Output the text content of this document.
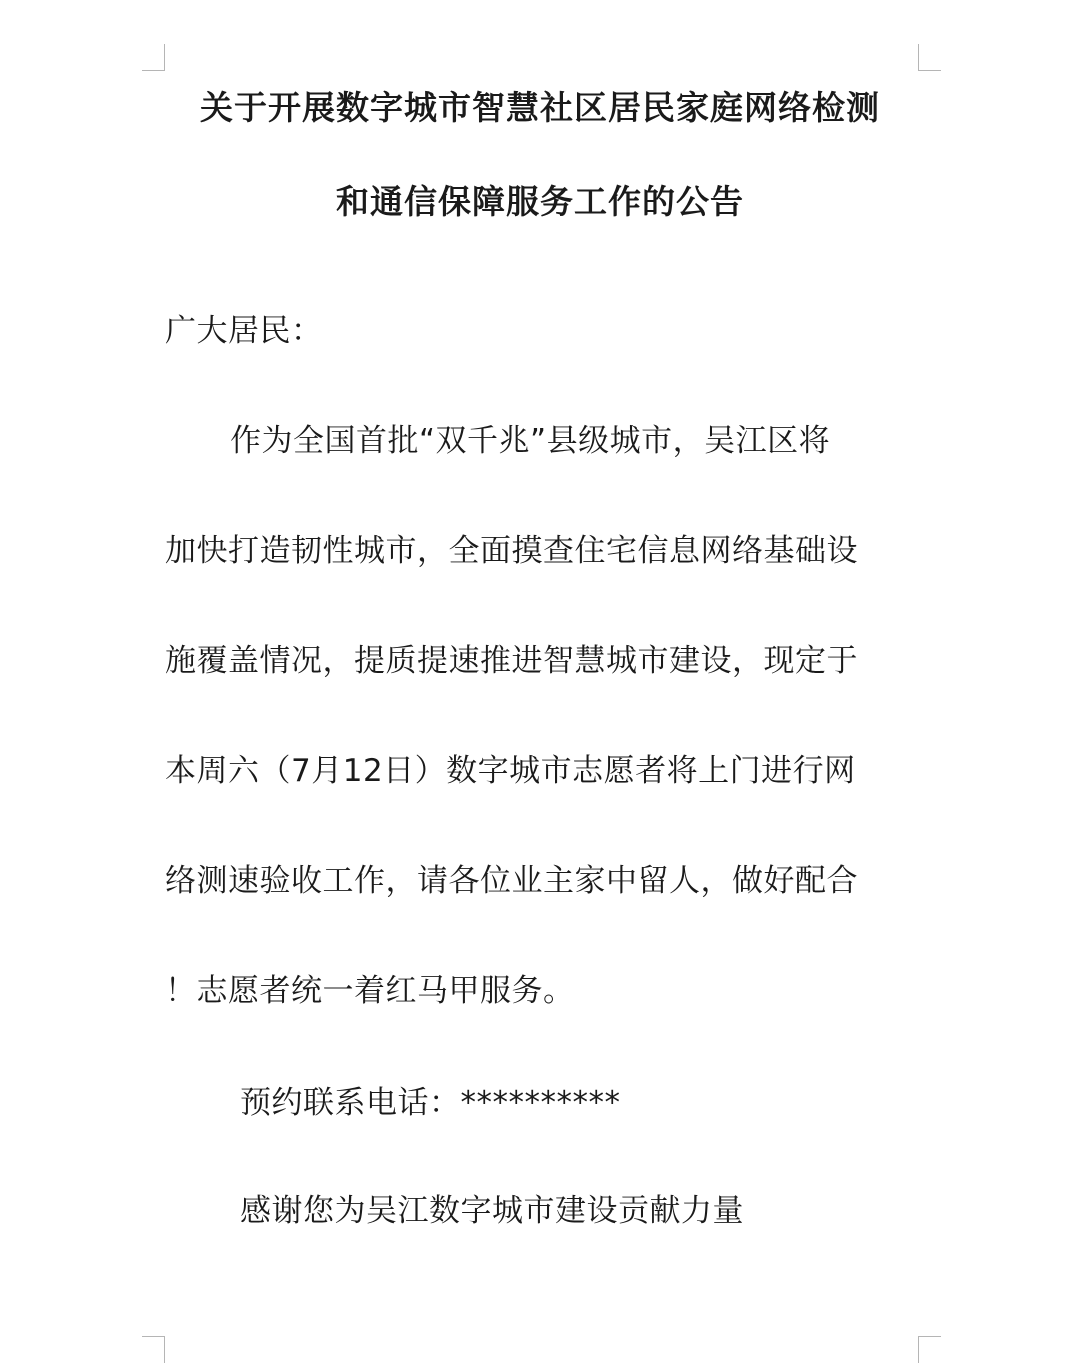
关于开展数字城市智慧社区居民家庭网络检测
和通信保障服务工作的公告
广大居民：
作为全国首批“双千兆”县级城市，吴江区将
加快打造韧性城市，全面摸查住宅信息网络基础设
施覆盖情况，提质提速推进智慧城市建设，现定于
本周六（7月12日）数字城市志愿者将上门进行网
络测速验收工作，请各位业主家中留人，做好配合
！志愿者统一着红马甲服务。
预约联系电话：**********
感谢您为吴江数字城市建设贡献力量
